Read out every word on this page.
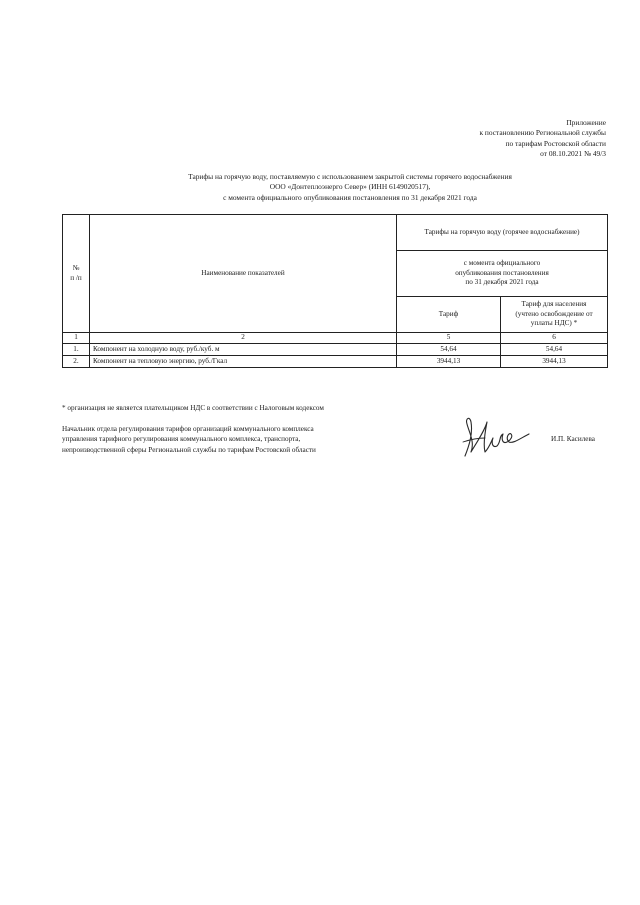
Приложение
к постановлению Региональной службы
по тарифам Ростовской области
от 08.10.2021 № 49/3
Тарифы на горячую воду, поставляемую с использованием закрытой системы горячего водоснабжения
ООО «Донтеплоэнерго Север» (ИНН 6149020517),
с момента официального опубликования постановления по 31 декабря 2021 года
№
п /п	Наименование показателей	Тарифы на горячую воду (горячее водоснабжение)	

		с момента официального
опубликования постановления
по 31 декабря 2021 года	

		Тариф	Тариф для населения
(учтено освобождение от
уплаты НДС) *

1	2	5	6
1.	Компонент на холодную воду, руб./куб. м	54,64	54,64
2.	Компонент на тепловую энергию, руб./Гкал	3944,13	3944,13
* организация не является плательщиком НДС в соответствии с Налоговым кодексом
Начальник отдела регулирования тарифов организаций коммунального комплекса
управления тарифного регулирования коммунального комплекса, транспорта,
непроизводственной сферы Региональной службы по тарифам Ростовской области
И.П. Касилева
